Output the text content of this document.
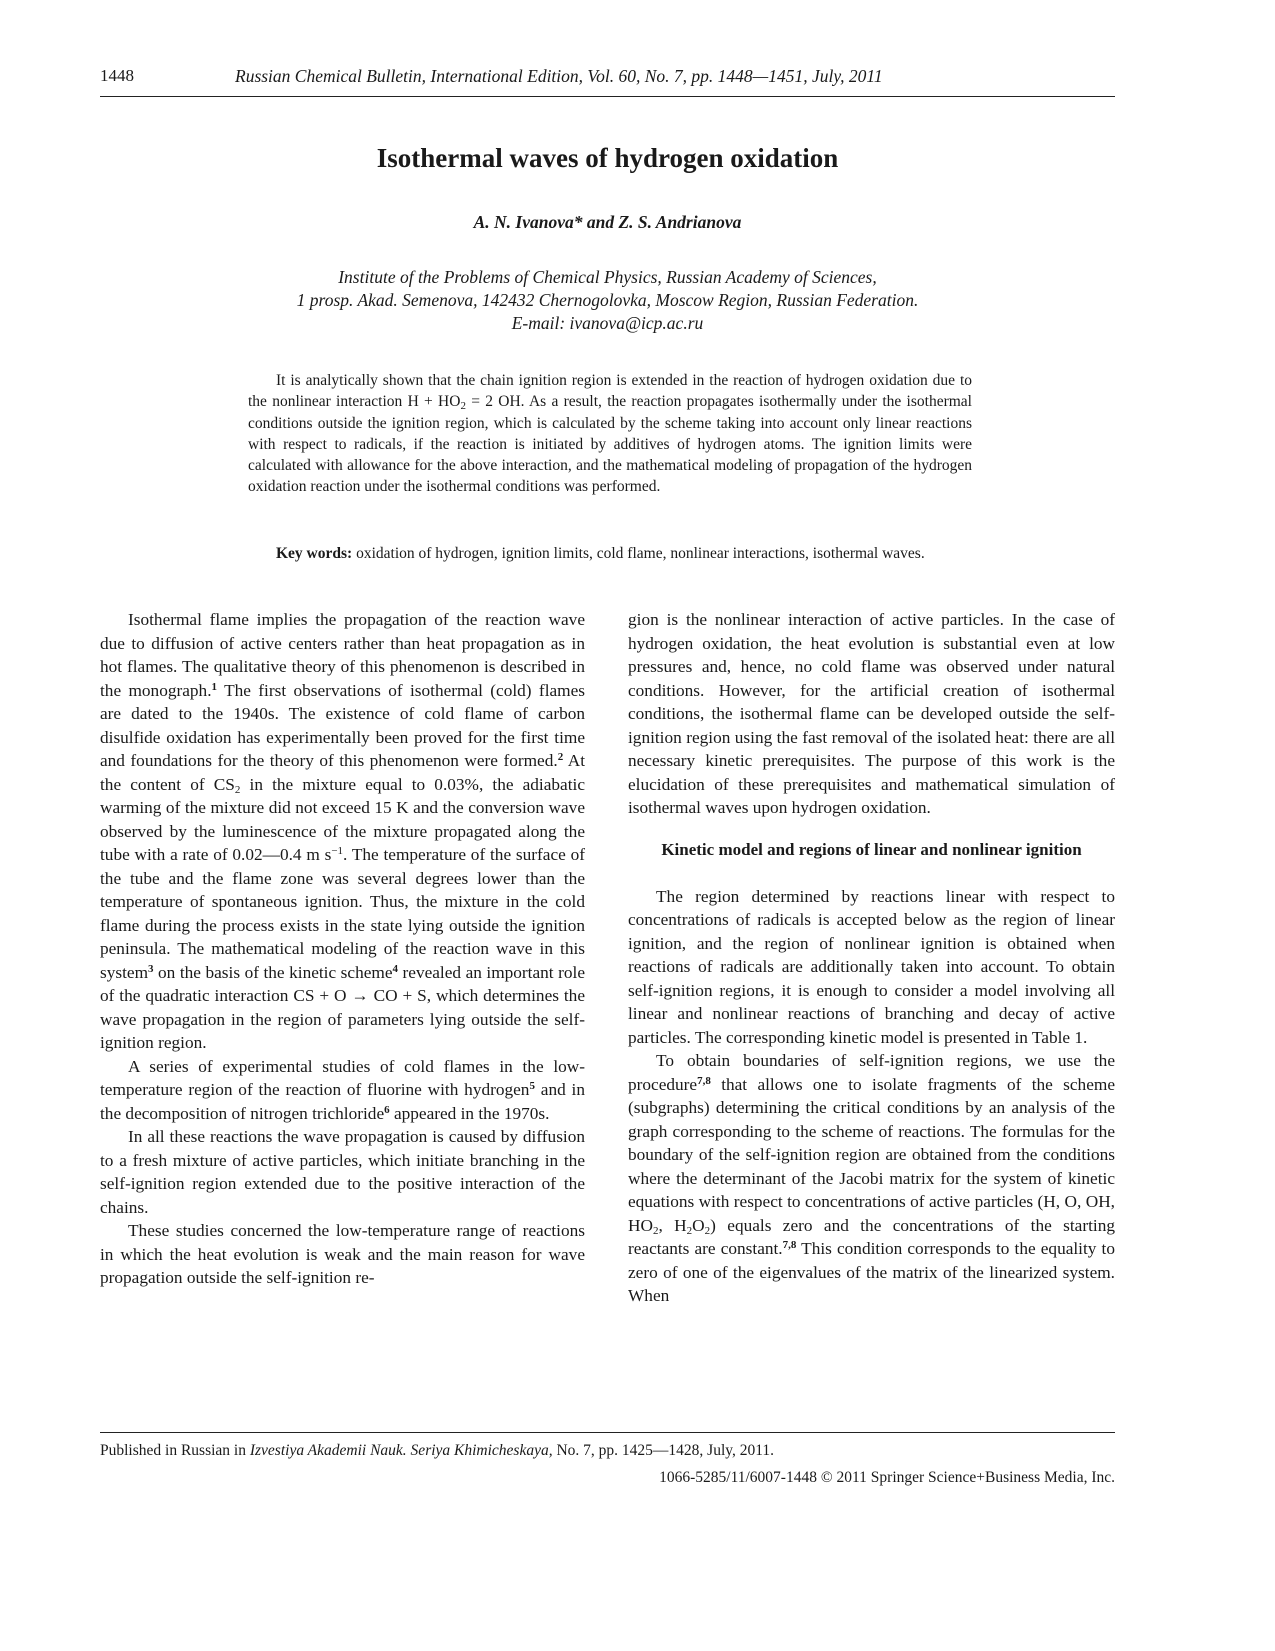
1448	Russian Chemical Bulletin, International Edition, Vol. 60, No. 7, pp. 1448—1451, July, 2011
Isothermal waves of hydrogen oxidation
A. N. Ivanova* and Z. S. Andrianova
Institute of the Problems of Chemical Physics, Russian Academy of Sciences,
1 prosp. Akad. Semenova, 142432 Chernogolovka, Moscow Region, Russian Federation.
E-mail: ivanova@icp.ac.ru

It is analytically shown that the chain ignition region is extended in the reaction of hydrogen oxidation due to the nonlinear interaction $H + HO_2 = 2$ OH. As a result, the reaction propagates isothermally under the isothermal conditions outside the ignition region, which is calculated by the scheme taking into account only linear reactions with respect to radicals, if the reaction is initiated by additives of hydrogen atoms. The ignition limits were calculated with allowance for the above interaction, and the mathematical modeling of propagation of the hydrogen oxidation reaction under the isothermal conditions was performed.

Key words: oxidation of hydrogen, ignition limits, cold flame, nonlinear interactions, isothermal waves.

Isothermal flame implies the propagation of the reaction wave due to diffusion of active centers rather than heat propagation as in hot flames. The qualitative theory of this phenomenon is described in the monograph.$^1$ The first observations of isothermal (cold) flames are dated to the 1940s. The existence of cold flame of carbon disulfide oxidation has experimentally been proved for the first time and foundations for the theory of this phenomenon were formed.$^2$ At the content of $CS_2$ in the mixture equal to 0.03%, the adiabatic warming of the mixture did not exceed 15 K and the conversion wave observed by the luminescence of the mixture propagated along the tube with a rate of 0.02—0.4 m $s^{-1}$. The temperature of the surface of the tube and the flame zone was several degrees lower than the temperature of spontaneous ignition. Thus, the mixture in the cold flame during the process exists in the state lying outside the ignition peninsula. The mathematical modeling of the reaction wave in this system$^3$ on the basis of the kinetic scheme$^4$ revealed an important role of the quadratic interaction CS + O → CO + S, which determines the wave propagation in the region of parameters lying outside the self-ignition region.

A series of experimental studies of cold flames in the low-temperature region of the reaction of fluorine with hydrogen$^5$ and in the decomposition of nitrogen trichloride$^6$ appeared in the 1970s.

In all these reactions the wave propagation is caused by diffusion to a fresh mixture of active particles, which initiate branching in the self-ignition region extended due to the positive interaction of the chains.

These studies concerned the low-temperature range of reactions in which the heat evolution is weak and the main reason for wave propagation outside the self-ignition re-

gion is the nonlinear interaction of active particles. In the case of hydrogen oxidation, the heat evolution is substantial even at low pressures and, hence, no cold flame was observed under natural conditions. However, for the artificial creation of isothermal conditions, the isothermal flame can be developed outside the self-ignition region using the fast removal of the isolated heat: there are all necessary kinetic prerequisites. The purpose of this work is the elucidation of these prerequisites and mathematical simulation of isothermal waves upon hydrogen oxidation.

Kinetic model and regions of linear and nonlinear ignition

The region determined by reactions linear with respect to concentrations of radicals is accepted below as the region of linear ignition, and the region of nonlinear ignition is obtained when reactions of radicals are additionally taken into account. To obtain self-ignition regions, it is enough to consider a model involving all linear and nonlinear reactions of branching and decay of active particles. The corresponding kinetic model is presented in Table 1.

To obtain boundaries of self-ignition regions, we use the procedure$^{7,8}$ that allows one to isolate fragments of the scheme (subgraphs) determining the critical conditions by an analysis of the graph corresponding to the scheme of reactions. The formulas for the boundary of the self-ignition region are obtained from the conditions where the determinant of the Jacobi matrix for the system of kinetic equations with respect to concentrations of active particles (H, O, OH, $HO_2$, $H_2O_2$) equals zero and the concentrations of the starting reactants are constant.$^{7,8}$ This condition corresponds to the equality to zero of one of the eigenvalues of the matrix of the linearized system. When

Published in Russian in Izvestiya Akademii Nauk. Seriya Khimicheskaya, No. 7, pp. 1425—1428, July, 2011.
1066-5285/11/6007-1448 © 2011 Springer Science+Business Media, Inc.
